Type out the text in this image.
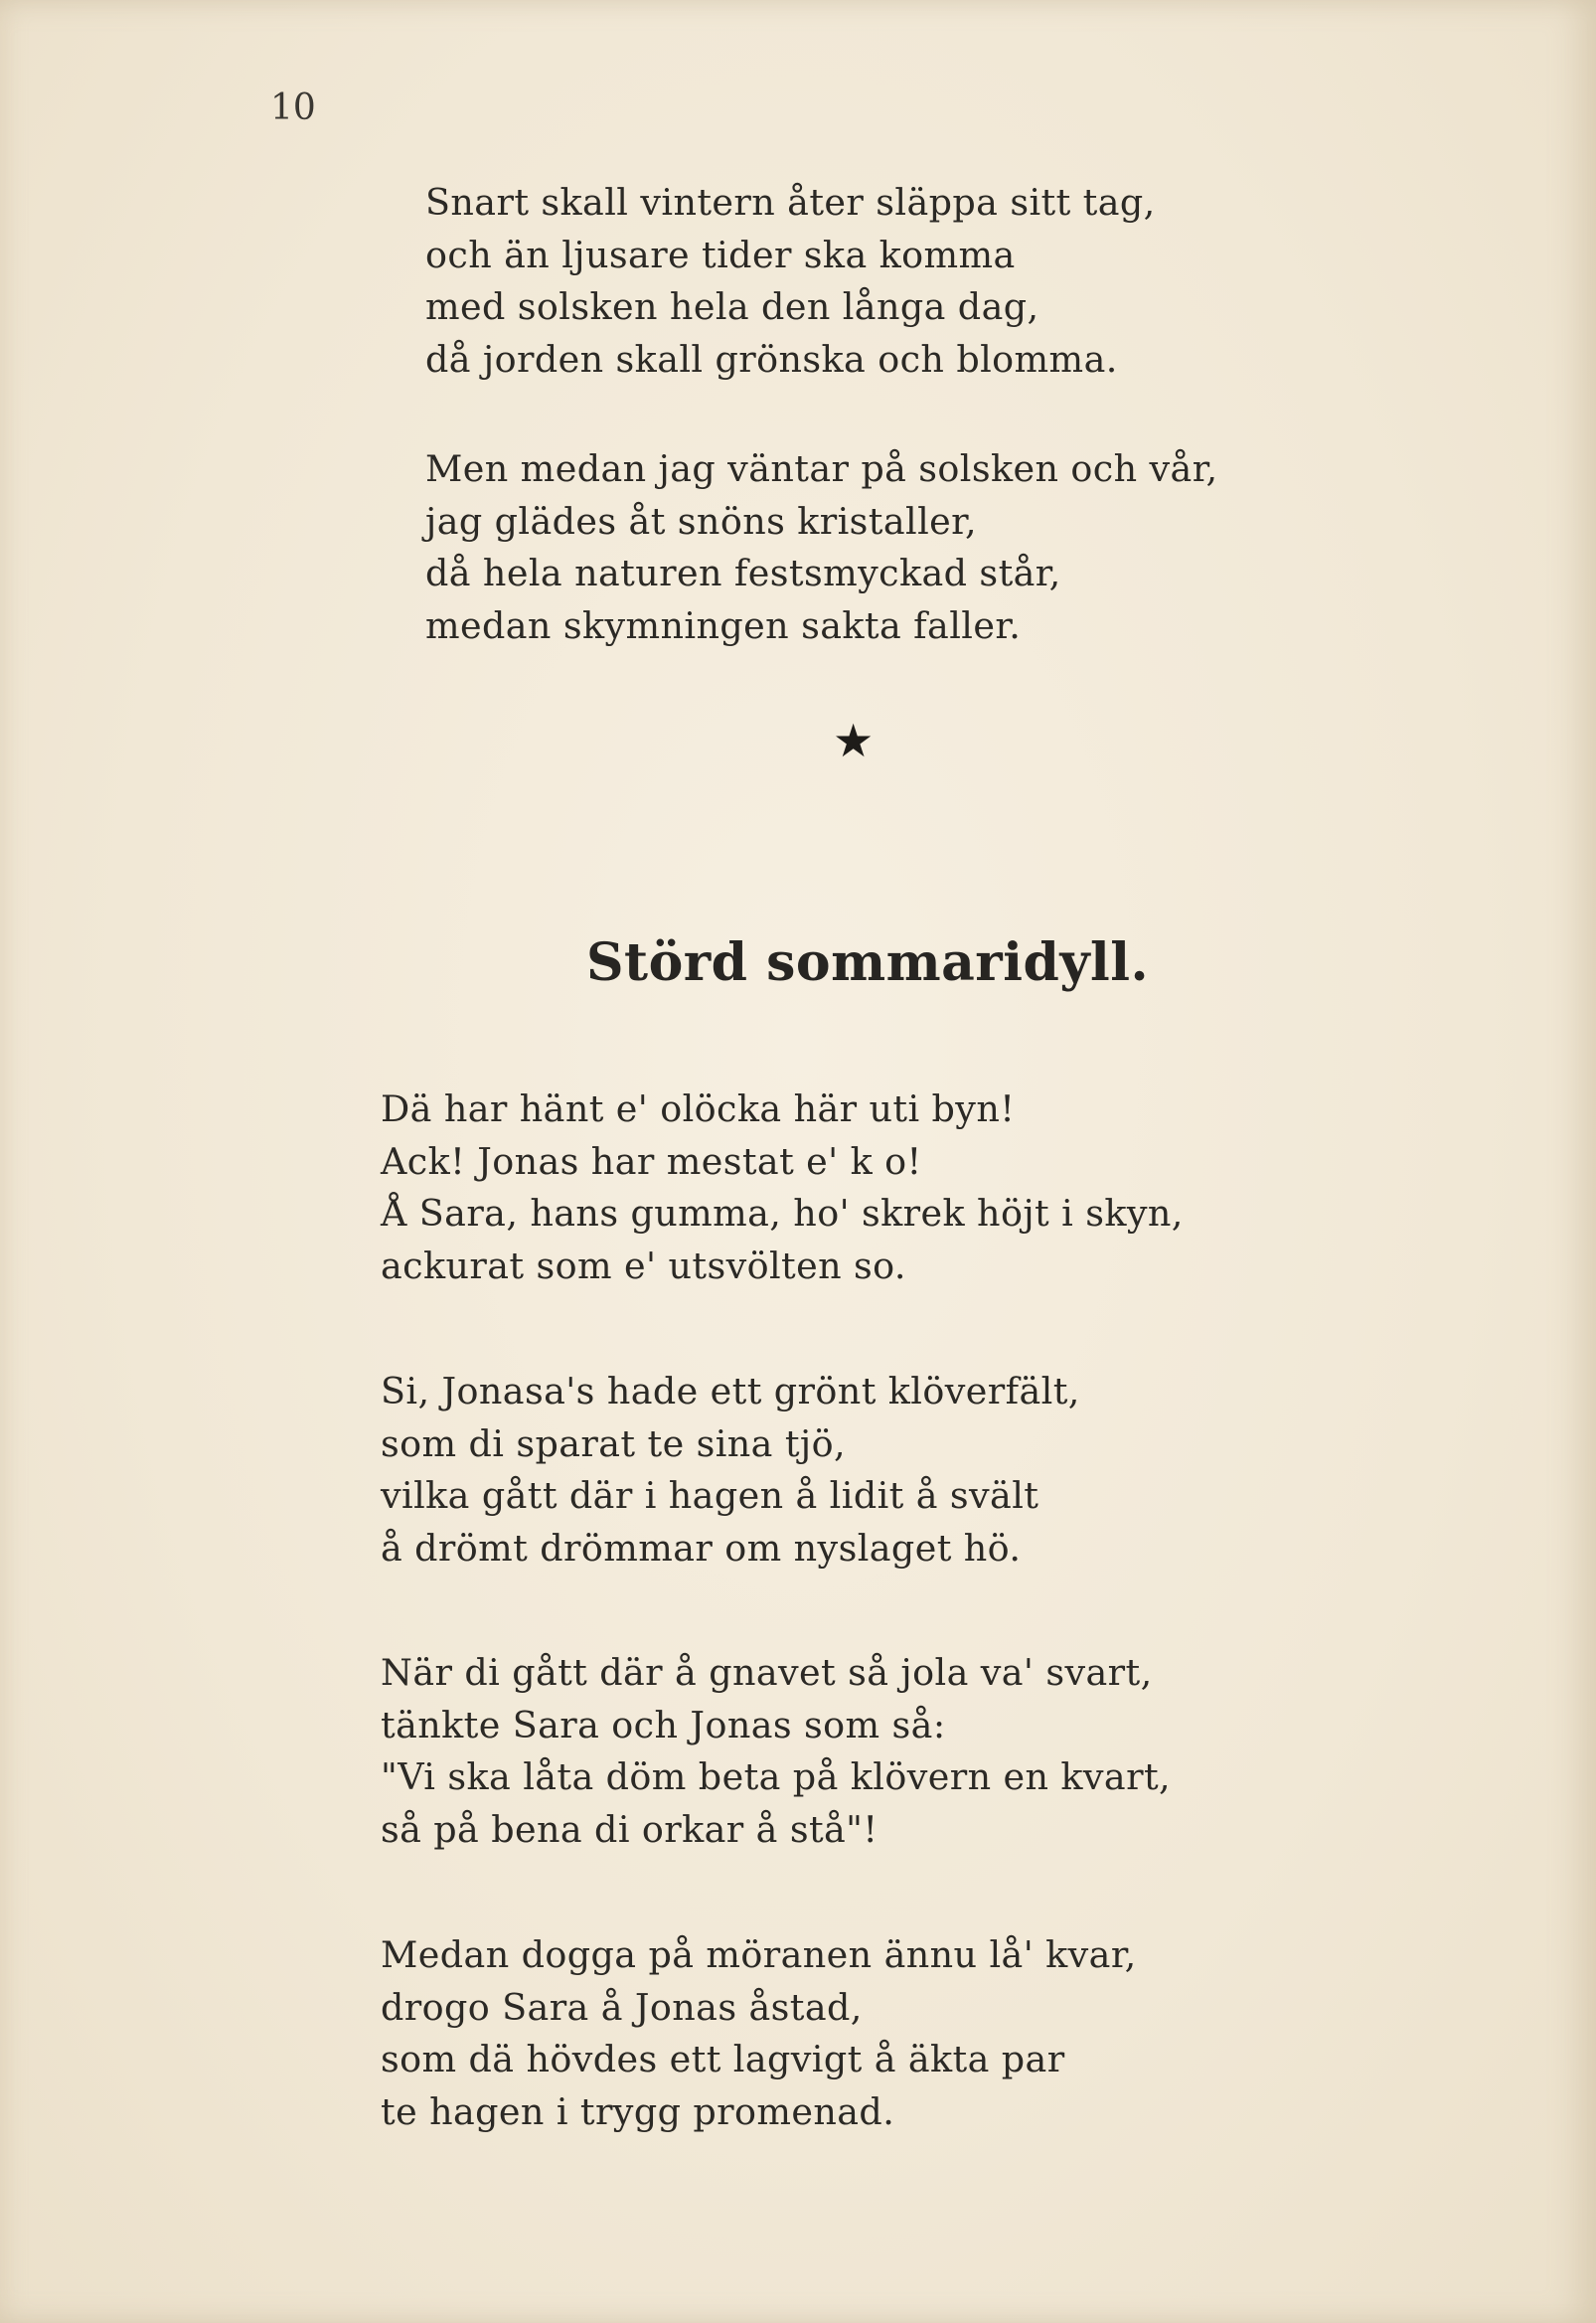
10
Snart skall vintern åter släppa sitt tag,
och än ljusare tider ska komma
med solsken hela den långa dag,
då jorden skall grönska och blomma.
Men medan jag väntar på solsken och vår,
jag glädes åt snöns kristaller,
då hela naturen festsmyckad står,
medan skymningen sakta faller.
★
Störd sommaridyll.
Dä har hänt e' olöcka här uti byn!
Ack! Jonas har mestat e' k o!
Å Sara, hans gumma, ho' skrek höjt i skyn,
ackurat som e' utsvölten so.
Si, Jonasa's hade ett grönt klöverfält,
som di sparat te sina tjö,
vilka gått där i hagen å lidit å svält
å drömt drömmar om nyslaget hö.
När di gått där å gnavet så jola va' svart,
tänkte Sara och Jonas som så:
"Vi ska låta döm beta på klövern en kvart,
så på bena di orkar å stå"!
Medan dogga på möranen ännu lå' kvar,
drogo Sara å Jonas åstad,
som dä hövdes ett lagvigt å äkta par
te hagen i trygg promenad.
